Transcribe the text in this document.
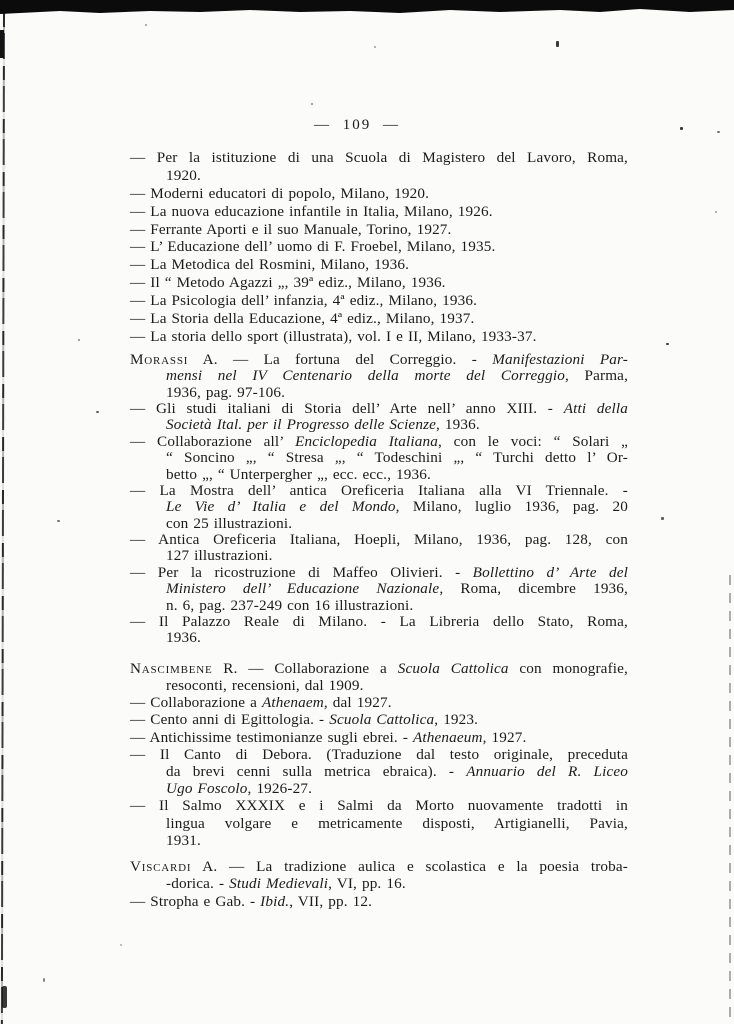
— 109 —
— Per la istituzione di una Scuola di Magistero del Lavoro, Roma,
1920.
— Moderni educatori di popolo, Milano, 1920.
— La nuova educazione infantile in Italia, Milano, 1926.
— Ferrante Aporti e il suo Manuale, Torino, 1927.
— L’ Educazione dell’ uomo di F. Froebel, Milano, 1935.
— La Metodica del Rosmini, Milano, 1936.
— Il “ Metodo Agazzi „, 39ª ediz., Milano, 1936.
— La Psicologia dell’ infanzia, 4ª ediz., Milano, 1936.
— La Storia della Educazione, 4ª ediz., Milano, 1937.
— La storia dello sport (illustrata), vol. I e II, Milano, 1933-37.
Morassi A. — La fortuna del Correggio. - Manifestazioni Par-
mensi nel IV Centenario della morte del Correggio, Parma,
1936, pag. 97-106.
— Gli studi italiani di Storia dell’ Arte nell’ anno XIII. - Atti della
Società Ital. per il Progresso delle Scienze, 1936.
— Collaborazione all’ Enciclopedia Italiana, con le voci: “ Solari „
“ Soncino „, “ Stresa „, “ Todeschini „, “ Turchi detto l’ Or-
betto „, “ Unterpergher „, ecc. ecc., 1936.
— La Mostra dell’ antica Oreficeria Italiana alla VI Triennale. -
Le Vie d’ Italia e del Mondo, Milano, luglio 1936, pag. 20
con 25 illustrazioni.
— Antica Oreficeria Italiana, Hoepli, Milano, 1936, pag. 128, con
127 illustrazioni.
— Per la ricostruzione di Maffeo Olivieri. - Bollettino d’ Arte del
Ministero dell’ Educazione Nazionale, Roma, dicembre 1936,
n. 6, pag. 237-249 con 16 illustrazioni.
— Il Palazzo Reale di Milano. - La Libreria dello Stato, Roma,
1936.
Nascimbene R. — Collaborazione a Scuola Cattolica con monografie,
resoconti, recensioni, dal 1909.
— Collaborazione a Athenaem, dal 1927.
— Cento anni di Egittologia. - Scuola Cattolica, 1923.
— Antichissime testimonianze sugli ebrei. - Athenaeum, 1927.
— Il Canto di Debora. (Traduzione dal testo originale, preceduta
da brevi cenni sulla metrica ebraica). - Annuario del R. Liceo
Ugo Foscolo, 1926-27.
— Il Salmo XXXIX e i Salmi da Morto nuovamente tradotti in
lingua volgare e metricamente disposti, Artigianelli, Pavia,
1931.
Viscardi A. — La tradizione aulica e scolastica e la poesia troba-
-dorica. - Studi Medievali, VI, pp. 16.
— Stropha e Gab. - Ibid., VII, pp. 12.
